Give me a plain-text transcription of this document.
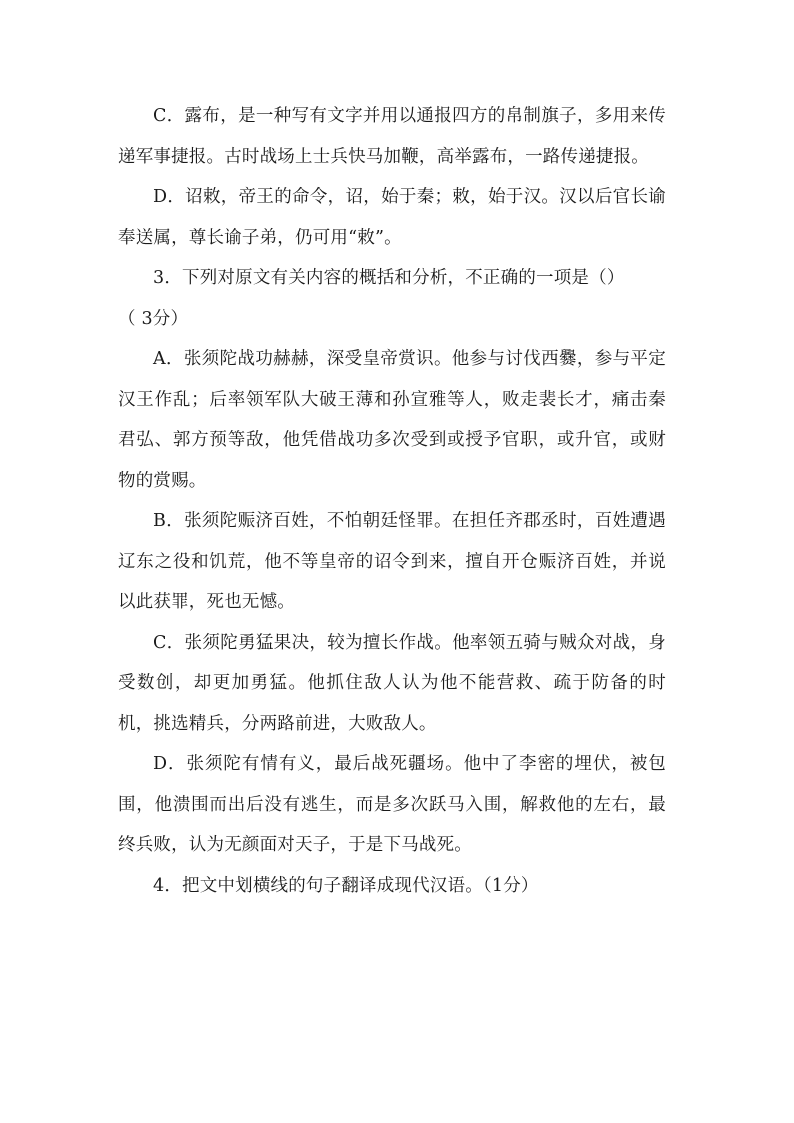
C．露布，是一种写有文字并用以通报四方的帛制旗子，多用来传递军事捷报。古时战场上士兵快马加鞭，高举露布，一路传递捷报。

D．诏敕，帝王的命令，诏，始于秦；敕，始于汉。汉以后官长谕奉送属，尊长谕子弟，仍可用“敕”。

3．下列对原文有关内容的概括和分析，不正确的一项是（）

（ 3分）

A．张须陀战功赫赫，深受皇帝赏识。他参与讨伐西爨，参与平定汉王作乱；后率领军队大破王薄和孙宣雅等人，败走裴长才，痛击秦君弘、郭方预等敌，他凭借战功多次受到或授予官职，或升官，或财物的赏赐。

B．张须陀赈济百姓，不怕朝廷怪罪。在担任齐郡丞时，百姓遭遇辽东之役和饥荒，他不等皇帝的诏令到来，擅自开仓赈济百姓，并说以此获罪，死也无憾。

C．张须陀勇猛果决，较为擅长作战。他率领五骑与贼众对战，身受数创，却更加勇猛。他抓住敌人认为他不能营救、疏于防备的时机，挑选精兵，分两路前进，大败敌人。

D．张须陀有情有义，最后战死疆场。他中了李密的埋伏，被包围，他溃围而出后没有逃生，而是多次跃马入围，解救他的左右，最终兵败，认为无颜面对天子，于是下马战死。

4．把文中划横线的句子翻译成现代汉语。（1分）
